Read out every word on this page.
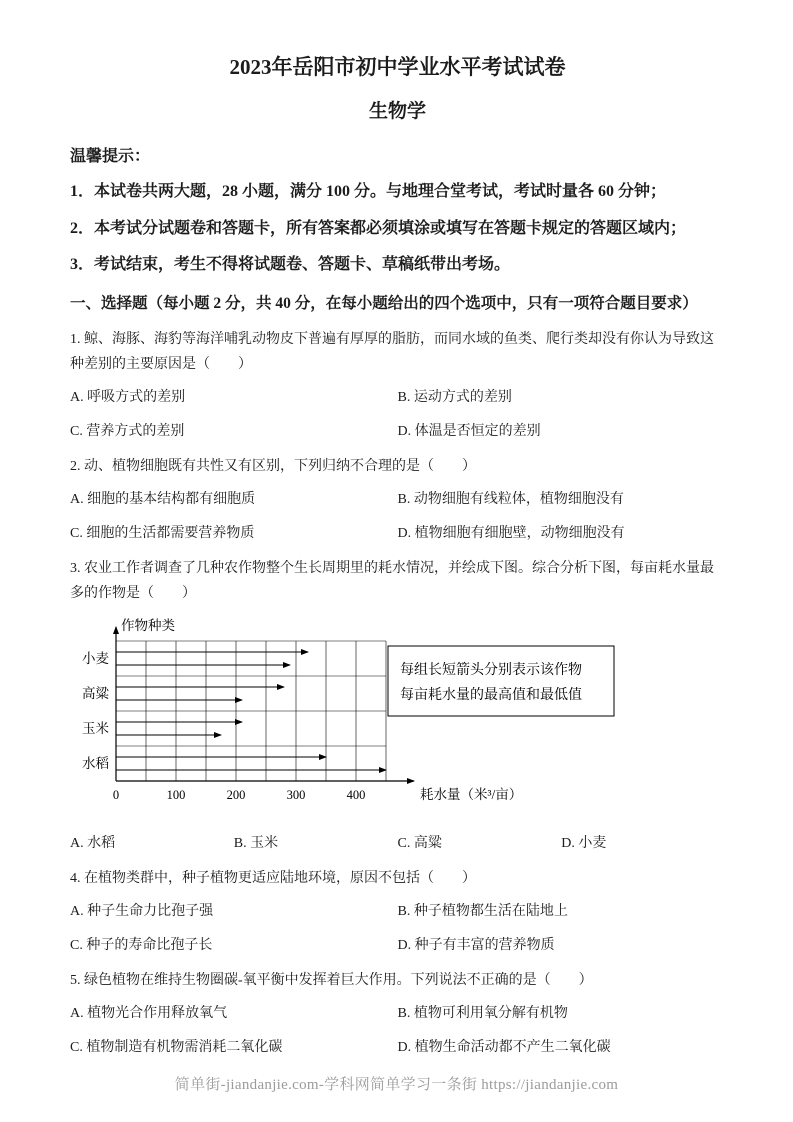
2023年岳阳市初中学业水平考试试卷
生物学

温馨提示：

1．本试卷共两大题，28 小题，满分 100 分。与地理合堂考试，考试时量各 60 分钟；

2．本考试分试题卷和答题卡，所有答案都必须填涂或填写在答题卡规定的答题区域内；

3．考试结束，考生不得将试题卷、答题卡、草稿纸带出考场。

一、选择题（每小题 2 分，共 40 分，在每小题给出的四个选项中，只有一项符合题目要求）

1. 鲸、海豚、海豹等海洋哺乳动物皮下普遍有厚厚的脂肪，而同水域的鱼类、爬行类却没有你认为导致这种差别的主要原因是（　　）

A. 呼吸方式的差别	B. 运动方式的差别
C. 营养方式的差别	D. 体温是否恒定的差别

2. 动、植物细胞既有共性又有区别，下列归纳不合理的是（　　）

A. 细胞的基本结构都有细胞质	B. 动物细胞有线粒体，植物细胞没有
C. 细胞的生活都需要营养物质	D. 植物细胞有细胞壁，动物细胞没有

3. 农业工作者调查了几种农作物整个生长周期里的耗水情况，并绘成下图。综合分析下图，每亩耗水量最多的作物是（　　）

0	100	200	300	400
作物种类
耗水量（米³/亩）
小麦
高粱
玉米
水稻
每组长短箭头分别表示该作物
每亩耗水量的最高值和最低值
A. 水稻	B. 玉米	C. 高粱	D. 小麦

4. 在植物类群中，种子植物更适应陆地环境，原因不包括（　　）

A. 种子生命力比孢子强	B. 种子植物都生活在陆地上
C. 种子的寿命比孢子长	D. 种子有丰富的营养物质

5. 绿色植物在维持生物圈碳-氧平衡中发挥着巨大作用。下列说法不正确的是（　　）

A. 植物光合作用释放氧气	B. 植物可利用氧分解有机物
C. 植物制造有机物需消耗二氧化碳	D. 植物生命活动都不产生二氧化碳
简单街-jiandanjie.com-学科网简单学习一条街 https://jiandanjie.com
